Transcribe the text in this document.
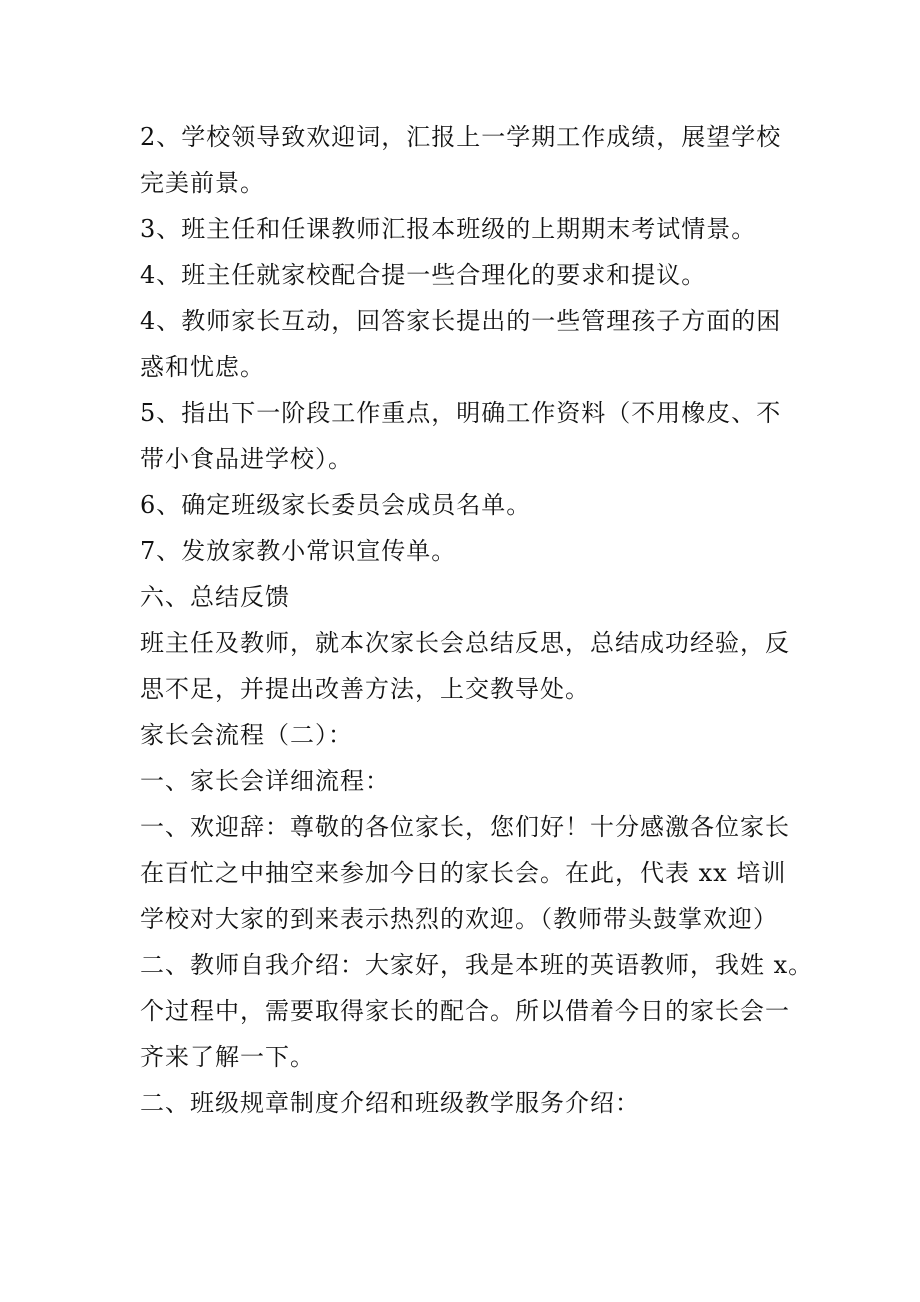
2、学校领导致欢迎词，汇报上一学期工作成绩，展望学校
完美前景。
3、班主任和任课教师汇报本班级的上期期末考试情景。
4、班主任就家校配合提一些合理化的要求和提议。
4、教师家长互动，回答家长提出的一些管理孩子方面的困
惑和忧虑。
5、指出下一阶段工作重点，明确工作资料（不用橡皮、不
带小食品进学校）。
6、确定班级家长委员会成员名单。
7、发放家教小常识宣传单。
六、总结反馈
班主任及教师，就本次家长会总结反思，总结成功经验，反
思不足，并提出改善方法，上交教导处。
家长会流程（二）：
一、家长会详细流程：
一、欢迎辞：尊敬的各位家长，您们好！十分感激各位家长
在百忙之中抽空来参加今日的家长会。在此，代表 xx 培训
学校对大家的到来表示热烈的欢迎。（教师带头鼓掌欢迎）
二、教师自我介绍：大家好，我是本班的英语教师，我姓 x。
个过程中，需要取得家长的配合。所以借着今日的家长会一
齐来了解一下。
二、班级规章制度介绍和班级教学服务介绍：
